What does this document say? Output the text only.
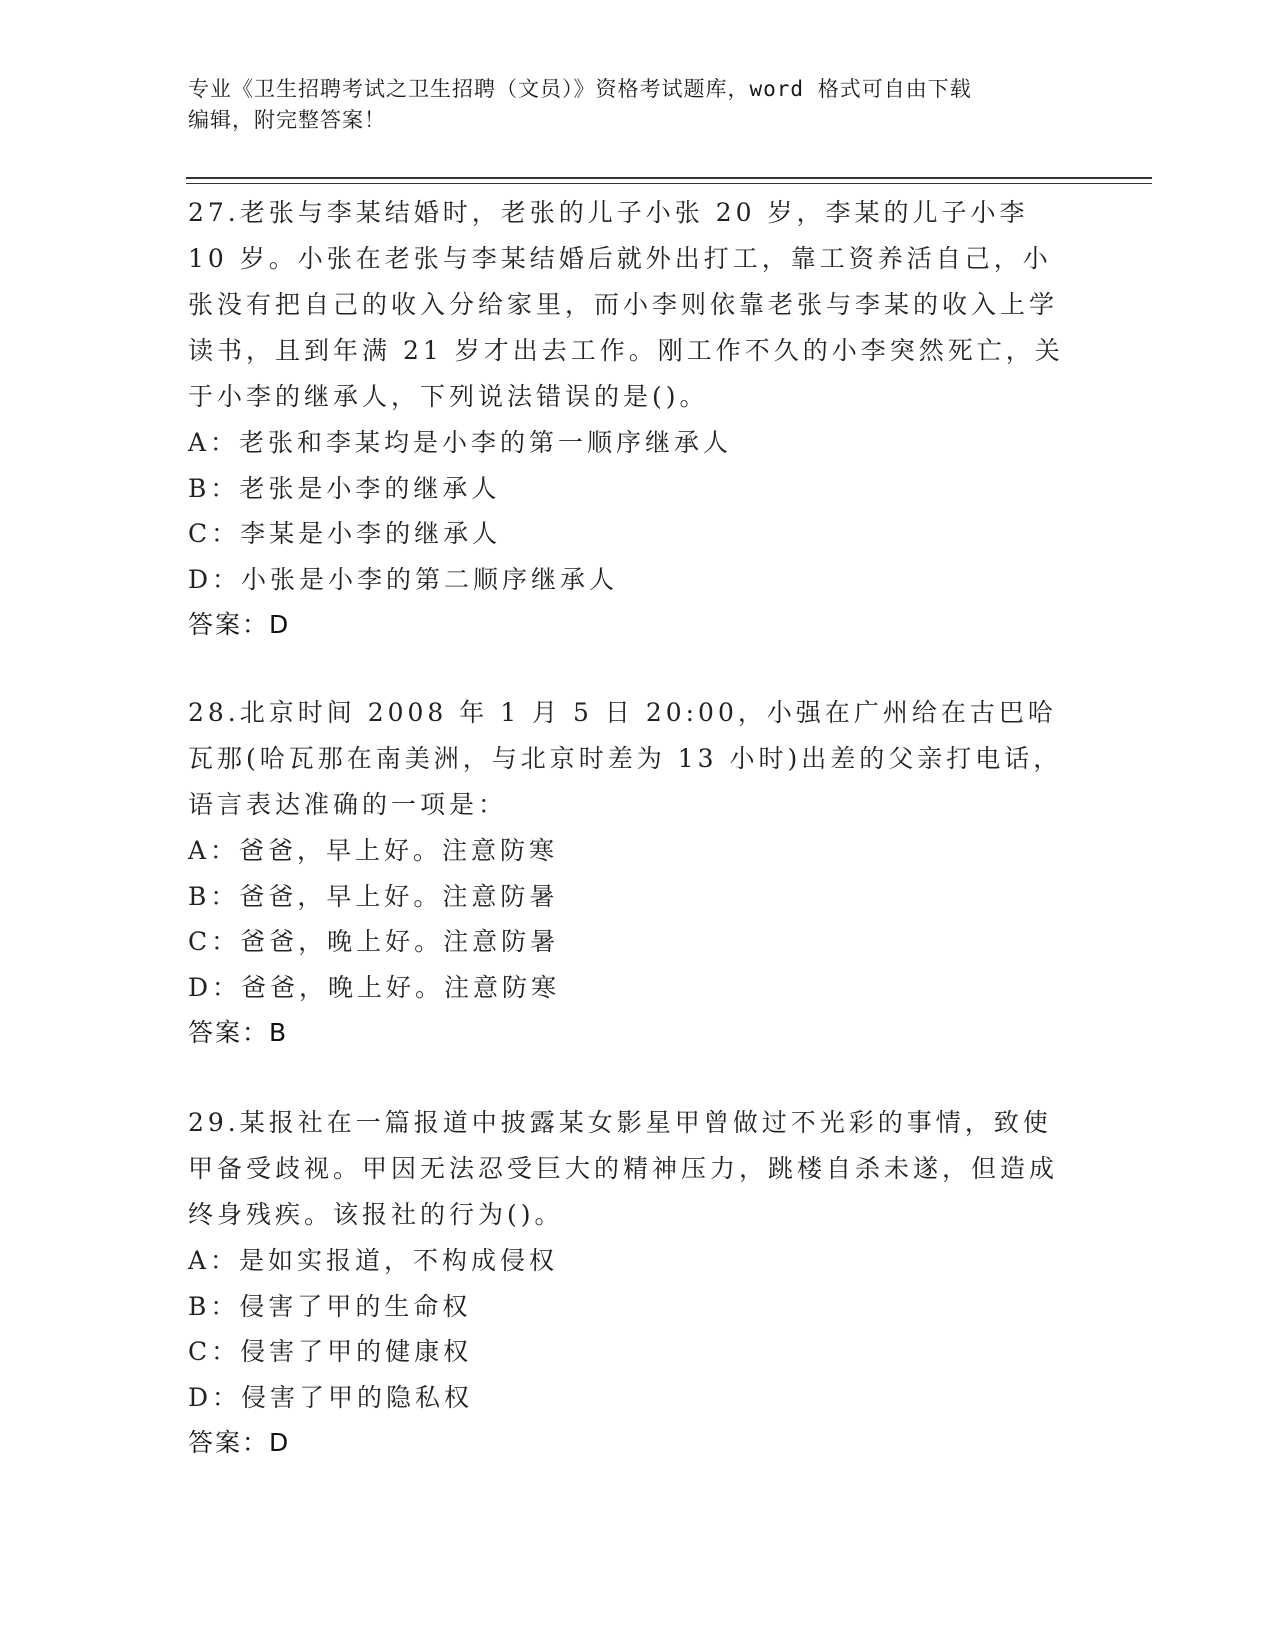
专业《卫生招聘考试之卫生招聘（文员）》资格考试题库，word 格式可自由下载
编辑，附完整答案！

27.老张与李某结婚时，老张的儿子小张 20 岁，李某的儿子小李 10 岁。小张在老张与李某结婚后就外出打工，靠工资养活自己，小张没有把自己的收入分给家里，而小李则依靠老张与李某的收入上学读书，且到年满 21 岁才出去工作。刚工作不久的小李突然死亡，关于小李的继承人，下列说法错误的是()。

A：老张和李某均是小李的第一顺序继承人

B：老张是小李的继承人

C：李某是小李的继承人

D：小张是小李的第二顺序继承人

答案：D

28.北京时间 2008 年 1 月 5 日 20:00，小强在广州给在古巴哈瓦那(哈瓦那在南美洲，与北京时差为 13 小时)出差的父亲打电话，语言表达准确的一项是：

A：爸爸，早上好。注意防寒

B：爸爸，早上好。注意防暑

C：爸爸，晚上好。注意防暑

D：爸爸，晚上好。注意防寒

答案：B

29.某报社在一篇报道中披露某女影星甲曾做过不光彩的事情，致使甲备受歧视。甲因无法忍受巨大的精神压力，跳楼自杀未遂，但造成终身残疾。该报社的行为()。

A：是如实报道，不构成侵权

B：侵害了甲的生命权

C：侵害了甲的健康权

D：侵害了甲的隐私权

答案：D
